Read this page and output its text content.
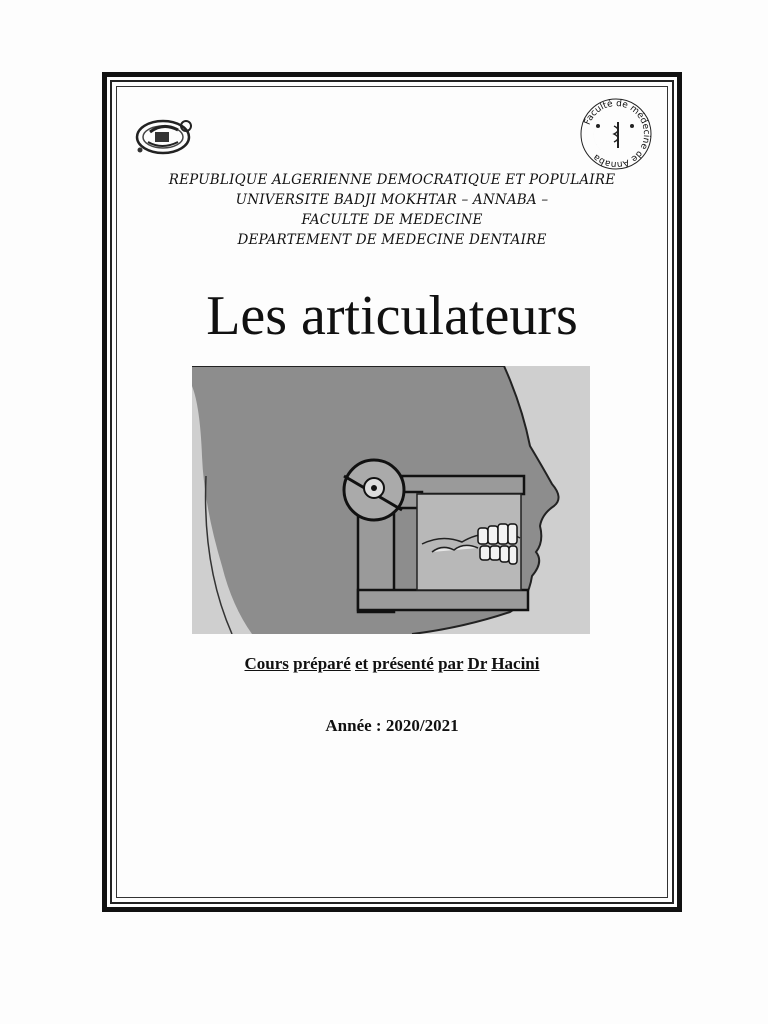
Faculté de médecine de Annaba
REPUBLIQUE ALGERIENNE DEMOCRATIQUE ET POPULAIRE
UNIVERSITE BADJI MOKHTAR – ANNABA –
FACULTE DE MEDECINE
DEPARTEMENT DE MEDECINE DENTAIRE
Les articulateurs
Cours préparé et présenté par Dr Hacini
Année : 2020/2021
